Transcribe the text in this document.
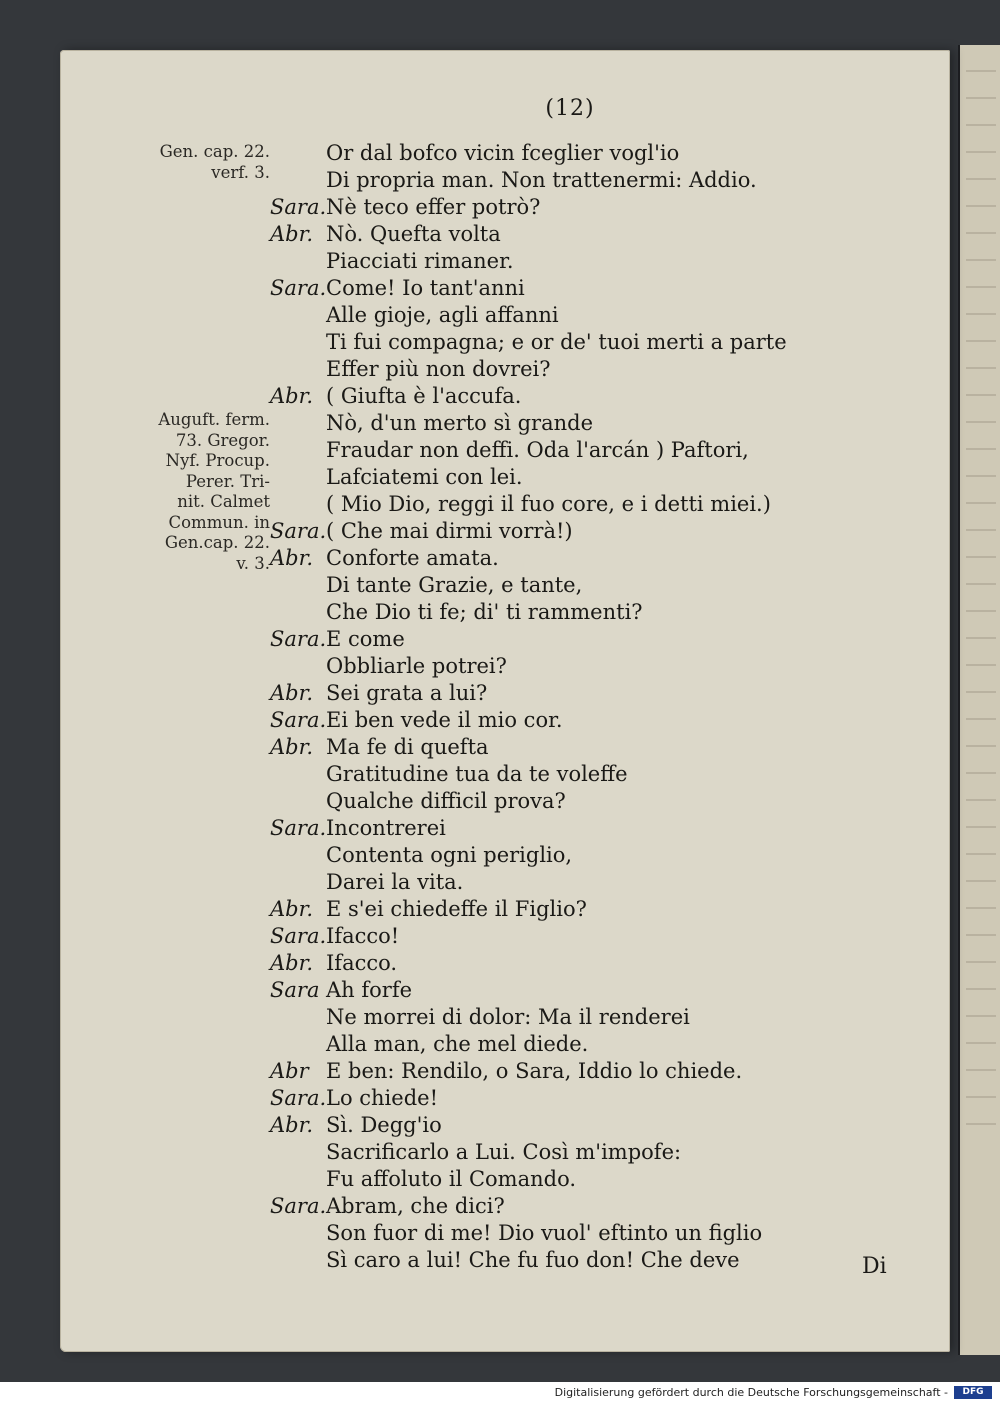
(12)
Gen. cap. 22.
verf. 3.
Auguft. ferm.
73. Gregor.
Nyf. Procup.
Perer. Tri-
nit. Calmet
Commun. in
Gen.cap. 22.
v. 3.
Or dal bofco vicin fceglier vogl'io
Di propria man. Non trattenermi: Addio.
Sara.Nè teco effer potrò?
Abr. Nò. Quefta volta
Piacciati rimaner.
Sara.Come! Io tant'anni
Alle gioje, agli affanni
Ti fui compagna; e or de' tuoi merti a parte
Effer più non dovrei?
Abr. ( Giufta è l'accufa.
Nò, d'un merto sì grande
Fraudar non deffi. Oda l'arcán ) Paftori,
Lafciatemi con lei.
( Mio Dio, reggi il fuo core, e i detti miei.)
Sara.( Che mai dirmi vorrà!)
Abr. Conforte amata.
Di tante Grazie, e tante,
Che Dio ti fe; di' ti rammenti?
Sara.E come
Obbliarle potrei?
Abr. Sei grata a lui?
Sara.Ei ben vede il mio cor.
Abr. Ma fe di quefta
Gratitudine tua da te voleffe
Qualche difficil prova?
Sara.Incontrerei
Contenta ogni periglio,
Darei la vita.
Abr. E s'ei chiedeffe il Figlio?
Sara.Ifacco!
Abr. Ifacco.
Sara Ah forfe
Ne morrei di dolor: Ma il renderei
Alla man, che mel diede.
Abr E ben: Rendilo, o Sara, Iddio lo chiede.
Sara.Lo chiede!
Abr. Sì. Degg'io
Sacrificarlo a Lui. Così m'impofe:
Fu affoluto il Comando.
Sara.Abram, che dici?
Son fuor di me! Dio vuol' eftinto un figlio
Sì caro a lui! Che fu fuo don! Che deve	Di
Digitalisierung gefördert durch die Deutsche Forschungsgemeinschaft -	DFG
